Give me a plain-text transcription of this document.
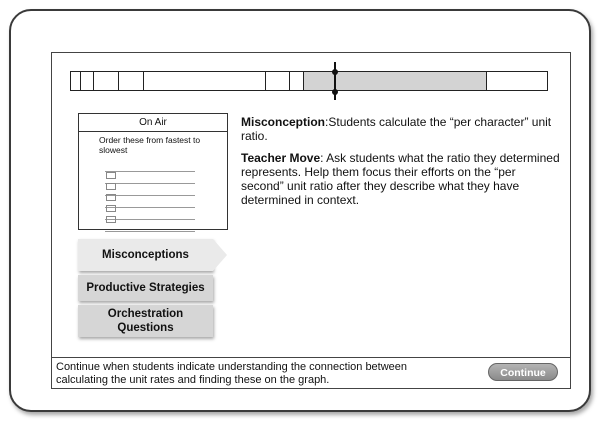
On Air
Order these from fastest to slowest

Misconception:Students calculate the “per character” unit ratio.

Teacher Move: Ask students what the ratio they determined represents. Help them focus their efforts on the “per second” unit ratio after they describe what they have determined in context.

Misconceptions
Productive Strategies
Orchestration Questions
Continue when students indicate understanding the connection between calculating the unit rates and finding these on the graph.
Continue
